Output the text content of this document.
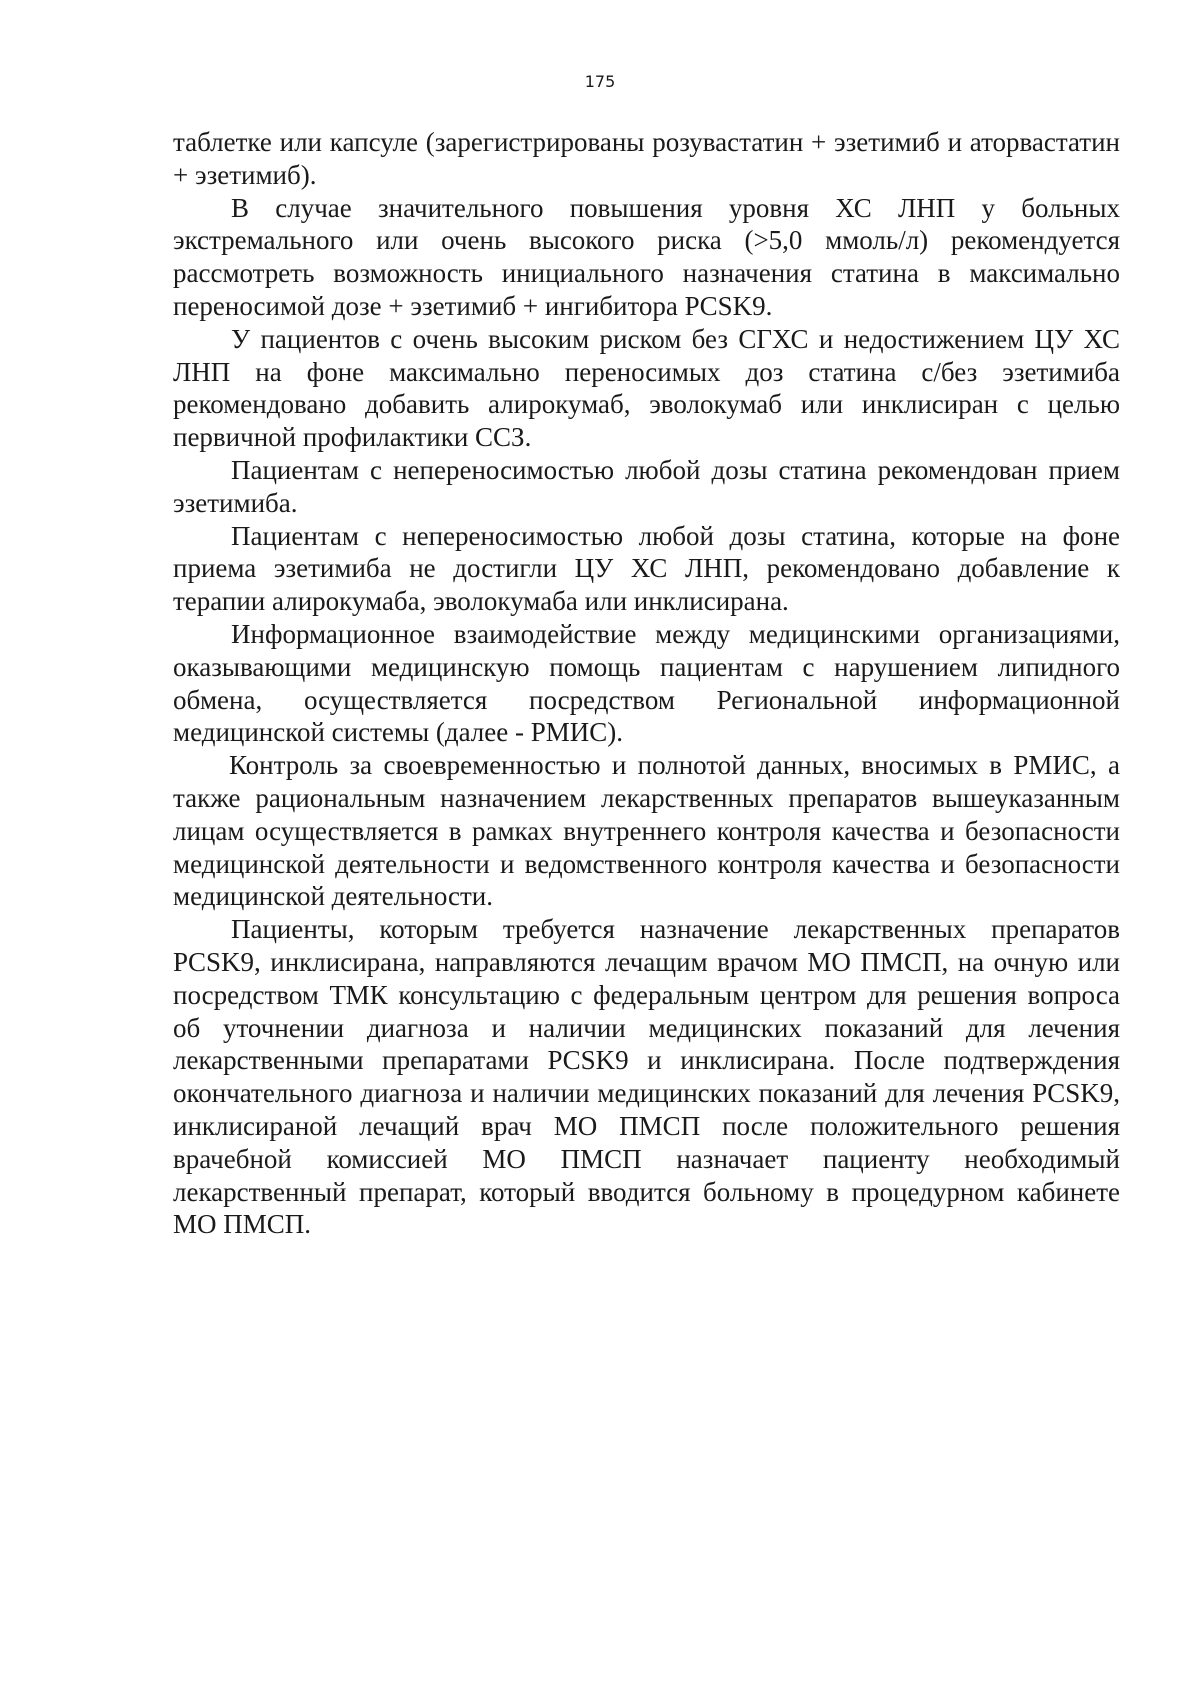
175

таблетке или капсуле (зарегистрированы розувастатин + эзетимиб и аторвастатин + эзетимиб).

В случае значительного повышения уровня ХС ЛНП у больных экстремального или очень высокого риска (>5,0 ммоль/л) рекомендуется рассмотреть возможность инициального назначения статина в максимально переносимой дозе + эзетимиб + ингибитора PCSK9.

У пациентов с очень высоким риском без СГХС и недостижением ЦУ ХС ЛНП на фоне максимально переносимых доз статина с/без эзетимиба рекомендовано добавить алирокумаб, эволокумаб или инклисиран с целью первичной профилактики ССЗ.

Пациентам с непереносимостью любой дозы статина рекомендован прием эзетимиба.

Пациентам с непереносимостью любой дозы статина, которые на фоне приема эзетимиба не достигли ЦУ ХС ЛНП, рекомендовано добавление к терапии алирокумаба, эволокумаба или инклисирана.

Информационное взаимодействие между медицинскими организациями, оказывающими медицинскую помощь пациентам с нарушением липидного обмена, осуществляется посредством Региональной информационной медицинской системы (далее - РМИС).

Контроль за своевременностью и полнотой данных, вносимых в РМИС, а также рациональным назначением лекарственных препаратов вышеуказанным лицам осуществляется в рамках внутреннего контроля качества и безопасности медицинской деятельности и ведомственного контроля качества и безопасности медицинской деятельности.

Пациенты, которым требуется назначение лекарственных препаратов PCSK9, инклисирана, направляются лечащим врачом МО ПМСП, на очную или посредством ТМК консультацию с федеральным центром для решения вопроса об уточнении диагноза и наличии медицинских показаний для лечения лекарственными препаратами PCSK9 и инклисирана. После подтверждения окончательного диагноза и наличии медицинских показаний для лечения PCSK9, инклисираной лечащий врач МО ПМСП после положительного решения врачебной комиссией МО ПМСП назначает пациенту необходимый лекарственный препарат, который вводится больному в процедурном кабинете МО ПМСП.
